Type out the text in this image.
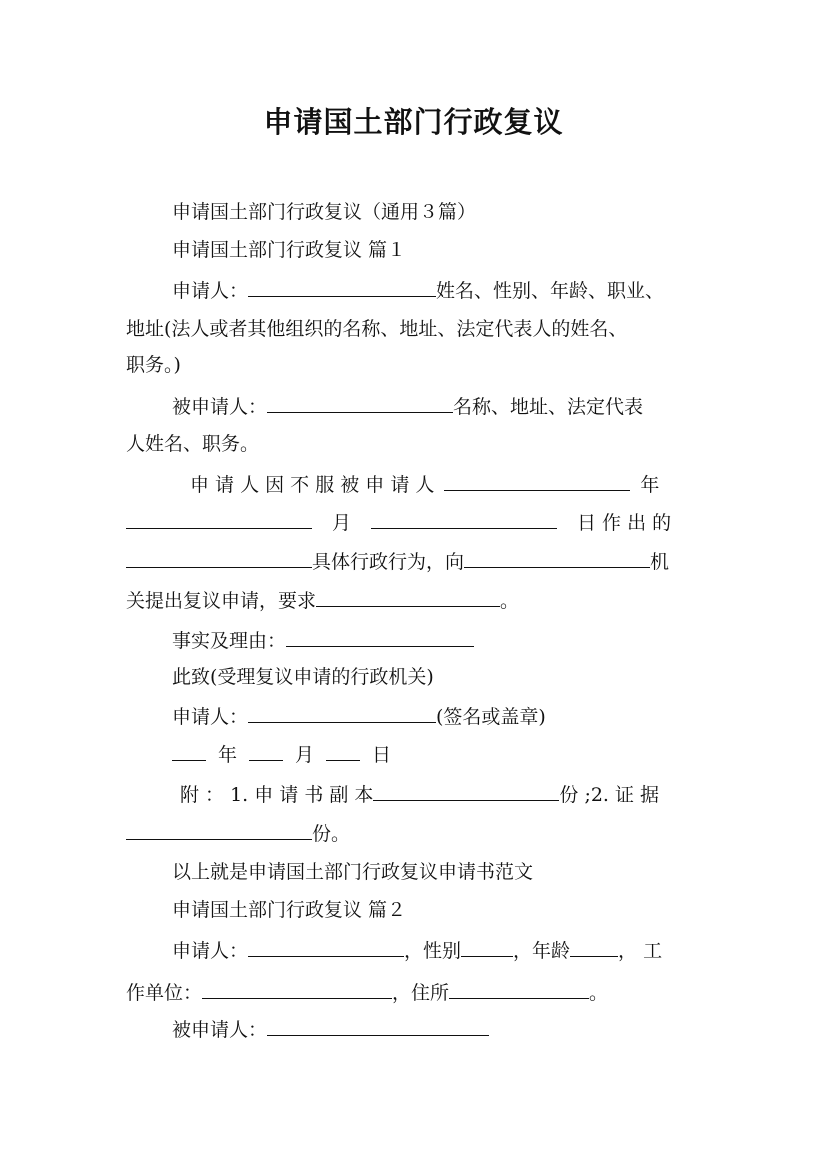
申请国土部门行政复议
申请国土部门行政复议（通用３篇）
申请国土部门行政复议 篇１
申请人：	姓名、性别、年龄、职业、
地址(法人或者其他组织的名称、地址、法定代表人的姓名、
职务。)
被申请人：	名称、地址、法定代表
人姓名、职务。
申 请 人 因 不 服 被 申 请 人	年
月	日 作 出 的
具体行政行为，向	机
关提出复议申请，要求	。
事实及理由：
此致(受理复议申请的行政机关)
申请人：	(签名或盖章)
年	月	日
附 ： 1. 申 请 书 副 本	份 ;2. 证 据
份。
以上就是申请国土部门行政复议申请书范文
申请国土部门行政复议 篇２
申请人：	，性别	，年龄	， 工
作单位：	，住所	。
被申请人：
